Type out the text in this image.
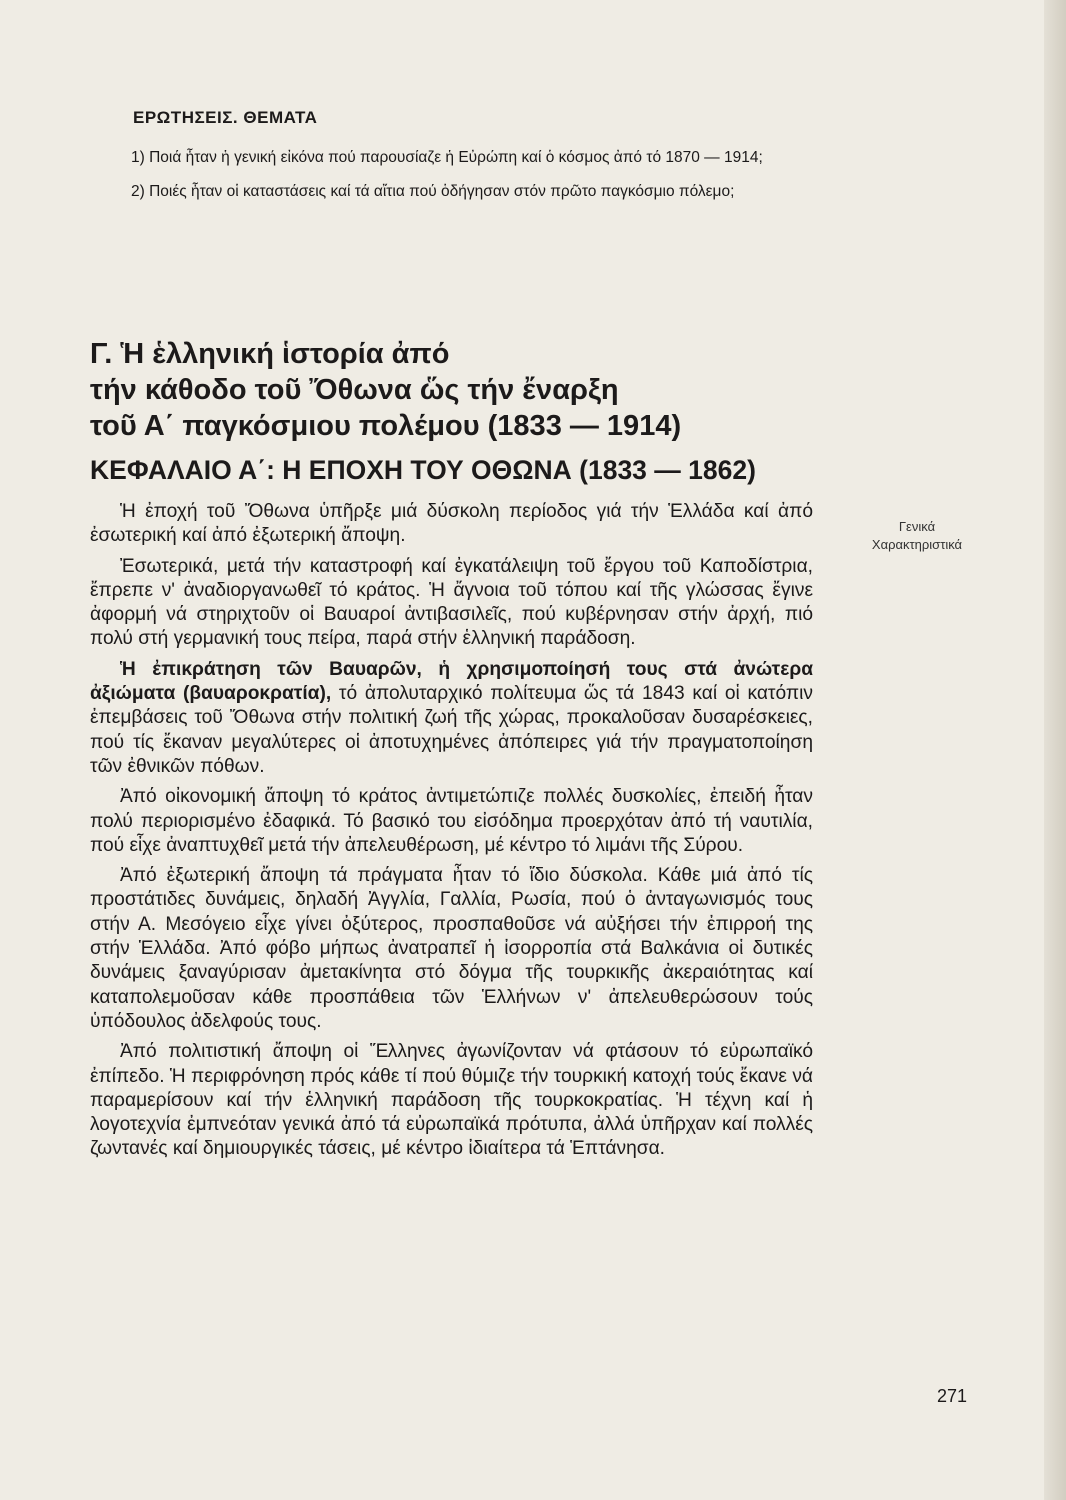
ΕΡΩΤΗΣΕΙΣ. ΘΕΜΑΤΑ

1) Ποιά ἦταν ἡ γενική εἰκόνα πού παρουσίαζε ἡ Εὐρώπη καί ὁ κόσμος ἀπό τό 1870 — 1914;

2) Ποιές ἦταν οἱ καταστάσεις καί τά αἴτια πού ὁδήγησαν στόν πρῶτο παγκόσμιο πόλεμο;

Γ. Ἡ ἑλληνική ἱστορία ἀπό
τήν κάθοδο τοῦ Ὄθωνα ὥς τήν ἔναρξη
τοῦ Α΄ παγκόσμιου πολέμου (1833 — 1914)
ΚΕΦΑΛΑΙΟ Α΄: Η ΕΠΟΧΗ ΤΟΥ ΟΘΩΝΑ (1833 — 1862)
Γενικά
Χαρακτηριστικά

Ἡ ἐποχή τοῦ Ὄθωνα ὑπῆρξε μιά δύσκολη περίοδος γιά τήν Ἑλλάδα καί ἀπό ἐσωτερική καί ἀπό ἐξωτερική ἄποψη.

Ἐσωτερικά, μετά τήν καταστροφή καί ἐγκατάλειψη τοῦ ἔργου τοῦ Καποδίστρια, ἔπρεπε ν' ἀναδιοργανωθεῖ τό κράτος. Ἡ ἄγνοια τοῦ τόπου καί τῆς γλώσσας ἔγινε ἀφορμή νά στηριχτοῦν οἱ Βαυαροί ἀντιβασιλεῖς, πού κυβέρνησαν στήν ἀρχή, πιό πολύ στή γερμανική τους πείρα, παρά στήν ἑλληνική παράδοση.

Ἡ ἐπικράτηση τῶν Βαυαρῶν, ἡ χρησιμοποίησή τους στά ἀνώτερα ἀξιώματα (βαυαροκρατία), τό ἀπολυταρχικό πολίτευμα ὥς τά 1843 καί οἱ κατόπιν ἐπεμβάσεις τοῦ Ὄθωνα στήν πολιτική ζωή τῆς χώρας, προκαλοῦσαν δυσαρέσκειες, πού τίς ἔκαναν μεγαλύτερες οἱ ἀποτυχημένες ἀπόπειρες γιά τήν πραγματοποίηση τῶν ἐθνικῶν πόθων.

Ἀπό οἰκονομική ἄποψη τό κράτος ἀντιμετώπιζε πολλές δυσκολίες, ἐπειδή ἦταν πολύ περιορισμένο ἐδαφικά. Τό βασικό του εἰσόδημα προερχόταν ἀπό τή ναυτιλία, πού εἶχε ἀναπτυχθεῖ μετά τήν ἀπελευθέρωση, μέ κέντρο τό λιμάνι τῆς Σύρου.

Ἀπό ἐξωτερική ἄποψη τά πράγματα ἦταν τό ἴδιο δύσκολα. Κάθε μιά ἀπό τίς προστάτιδες δυνάμεις, δηλαδή Ἀγγλία, Γαλλία, Ρωσία, πού ὁ ἀνταγωνισμός τους στήν Α. Μεσόγειο εἶχε γίνει ὀξύτερος, προσπαθοῦσε νά αὐξήσει τήν ἐπιρροή της στήν Ἑλλάδα. Ἀπό φόβο μήπως ἀνατραπεῖ ἡ ἰσορροπία στά Βαλκάνια οἱ δυτικές δυνάμεις ξαναγύρισαν ἀμετακίνητα στό δόγμα τῆς τουρκικῆς ἀκεραιότητας καί καταπολεμοῦσαν κάθε προσπάθεια τῶν Ἑλλήνων ν' ἀπελευθερώσουν τούς ὑπόδουλος ἀδελφούς τους.

Ἀπό πολιτιστική ἄποψη οἱ Ἕλληνες ἀγωνίζονταν νά φτάσουν τό εὐρωπαϊκό ἐπίπεδο. Ἡ περιφρόνηση πρός κάθε τί πού θύμιζε τήν τουρκική κατοχή τούς ἔκανε νά παραμερίσουν καί τήν ἑλληνική παράδοση τῆς τουρκοκρατίας. Ἡ τέχνη καί ἡ λογοτεχνία ἐμπνεόταν γενικά ἀπό τά εὐρωπαϊκά πρότυπα, ἀλλά ὑπῆρχαν καί πολλές ζωντανές καί δημιουργικές τάσεις, μέ κέντρο ἰδιαίτερα τά Ἑπτάνησα.

271
